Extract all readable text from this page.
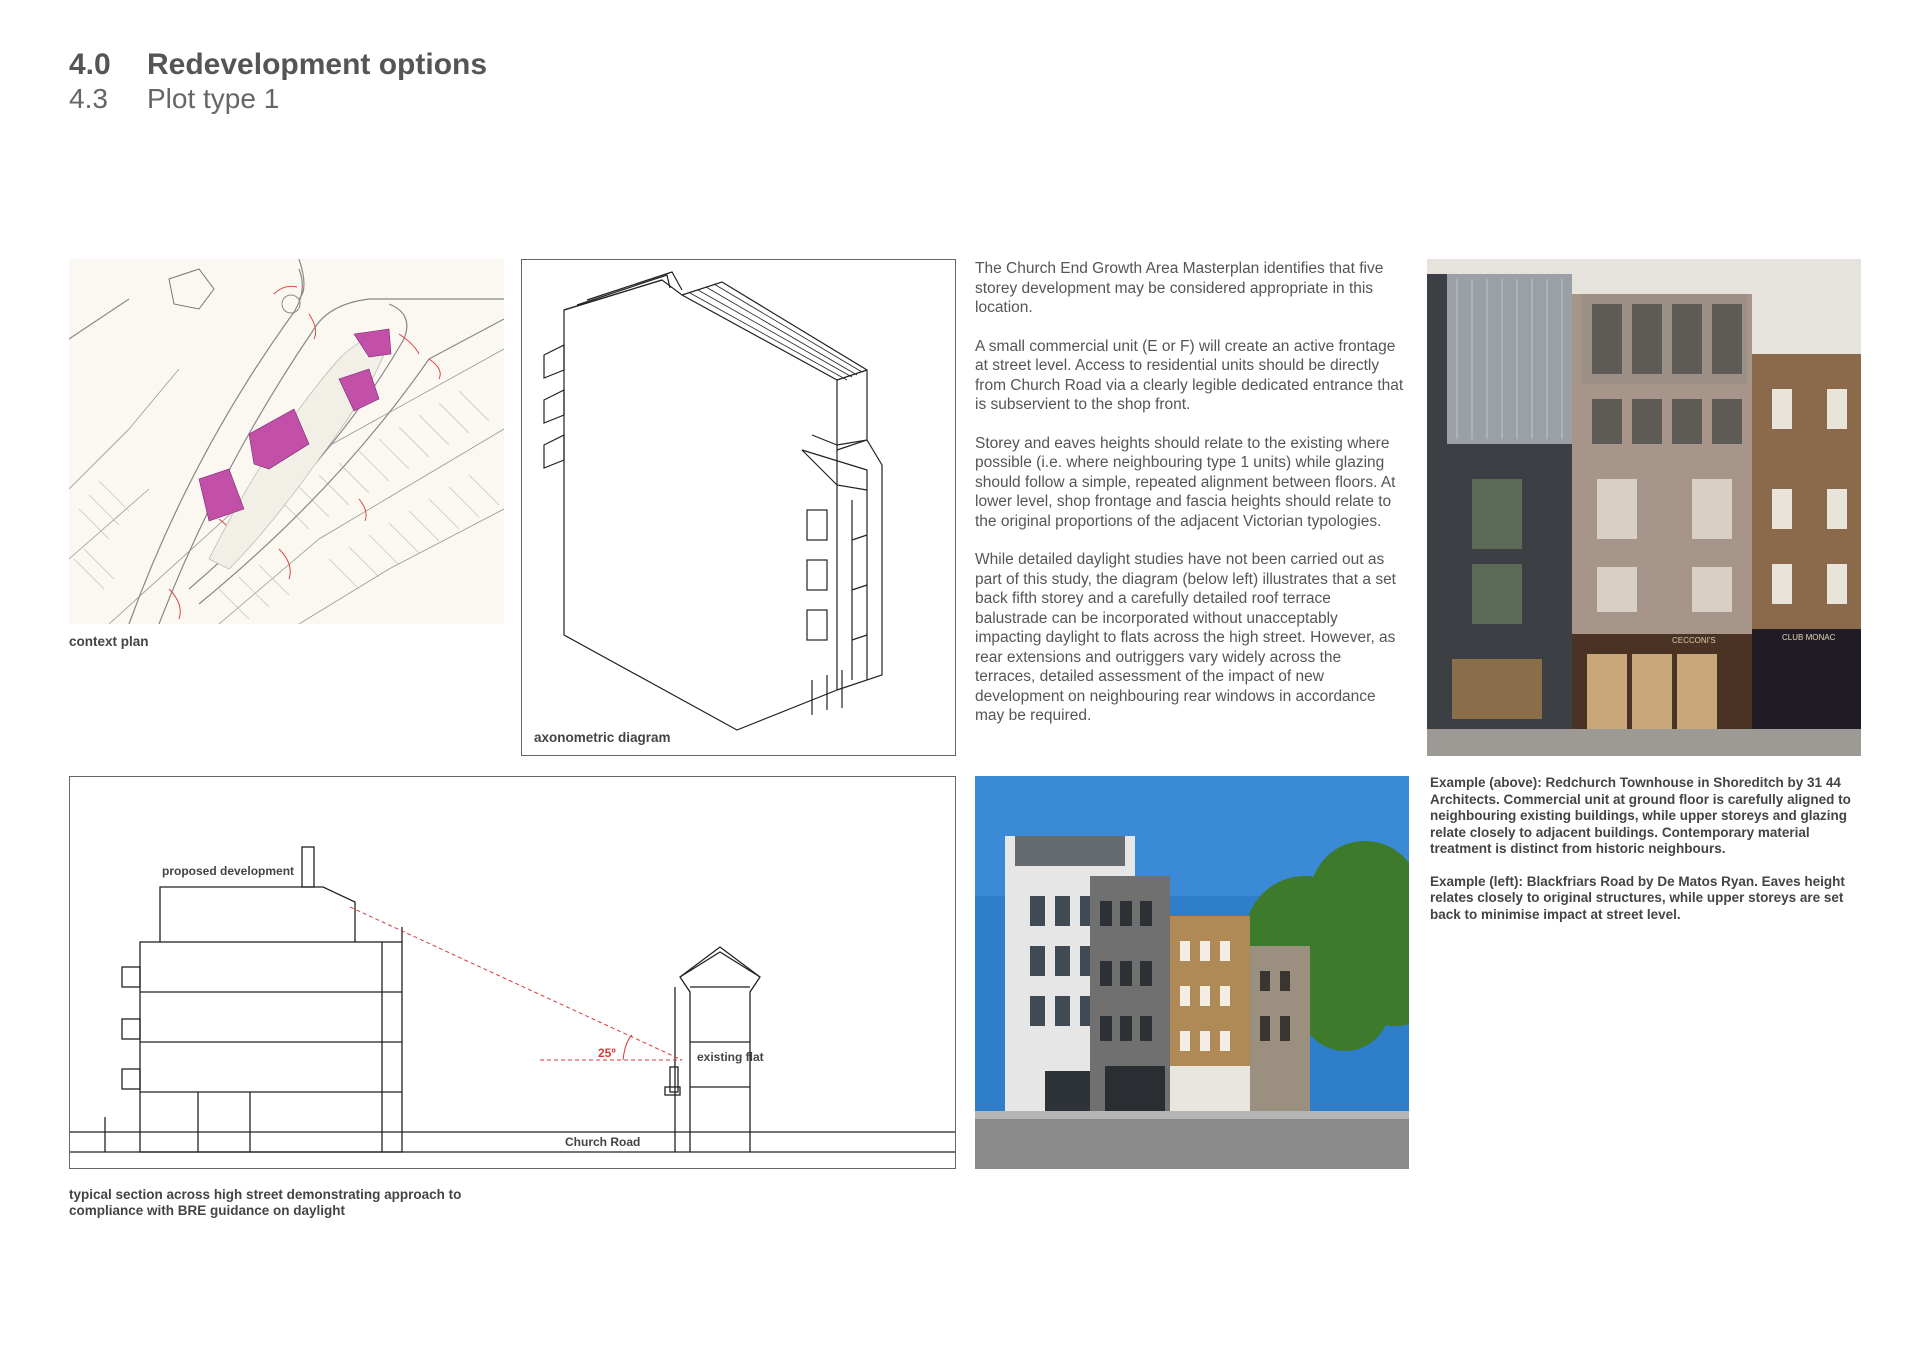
4.0 Redevelopment options
4.3 Plot type 1
context plan
axonometric diagram

The Church End Growth Area Masterplan identifies that five storey development may be considered appropriate in this location.

A small commercial unit (E or F) will create an active frontage at street level. Access to residential units should be directly from Church Road via a clearly legible dedicated entrance that is subservient to the shop front.

Storey and eaves heights should relate to the existing where possible (i.e. where neighbouring type 1 units) while glazing should follow a simple, repeated alignment between floors. At lower level, shop frontage and fascia heights should relate to the original proportions of the adjacent Victorian typologies.

While detailed daylight studies have not been carried out as part of this study, the diagram (below left) illustrates that a set back fifth storey and a carefully detailed roof terrace balustrade can be incorporated without unacceptably impacting daylight to flats across the high street. However, as rear extensions and outriggers vary widely across the terraces, detailed assessment of the impact of new development on neighbouring rear windows in accordance may be required.

CECCONI'S	CLUB MONAC
25º
proposed development
existing flat
Church Road
typical section across high street demonstrating approach to compliance with BRE guidance on daylight

Example (above): Redchurch Townhouse in Shoreditch by 31 44 Architects. Commercial unit at ground floor is carefully aligned to neighbouring existing buildings, while upper storeys and glazing relate closely to adjacent buildings. Contemporary material treatment is distinct from historic neighbours.

Example (left): Blackfriars Road by De Matos Ryan. Eaves height relates closely to original structures, while upper storeys are set back to minimise impact at street level.
